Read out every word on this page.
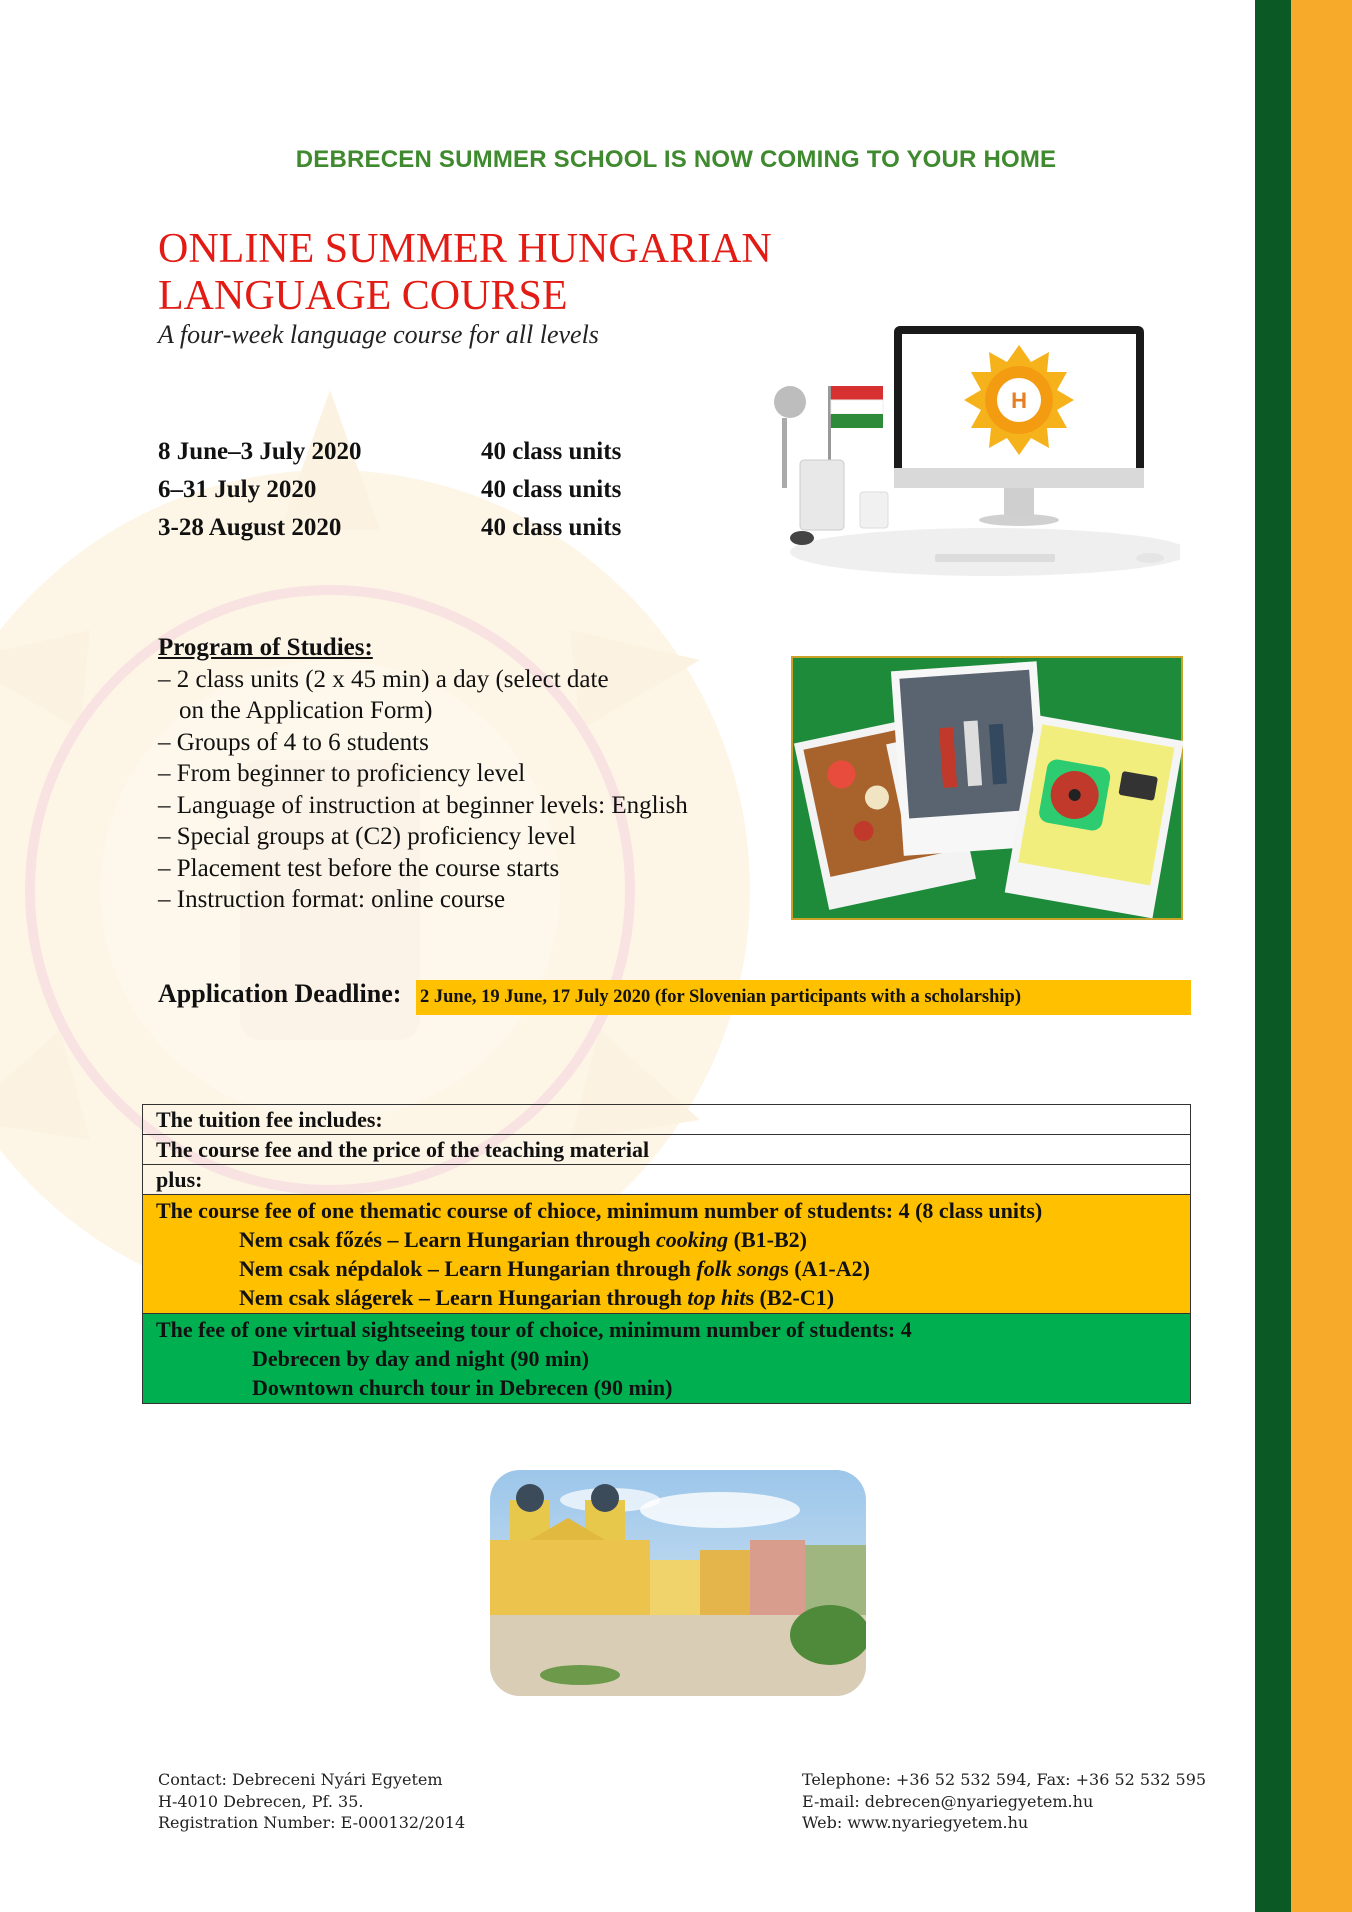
DEBRECEN SUMMER SCHOOL IS NOW COMING TO YOUR HOME
ONLINE SUMMER HUNGARIAN
LANGUAGE COURSE
A four-week language course for all levels
8 June–3 July 2020	40 class units
6–31 July 2020	40 class units
3-28 August 2020	40 class units
H
Program of Studies:
– 2 class units (2 x 45 min) a day (select date
on the Application Form)
– Groups of 4 to 6 students
– From beginner to proficiency level
– Language of instruction at beginner levels: English
– Special groups at (C2) proficiency level
– Placement test before the course starts
– Instruction format: online course
Application Deadline: 2 June, 19 June, 17 July 2020 (for Slovenian participants with a scholarship)
The tuition fee includes:
The course fee and the price of the teaching material
plus:

The course fee of one thematic course of chioce, minimum number of students: 4 (8 class units)
Nem csak főzés – Learn Hungarian through cooking (B1-B2)
Nem csak népdalok – Learn Hungarian through folk songs (A1-A2)
Nem csak slágerek – Learn Hungarian through top hits (B2-C1)

The fee of one virtual sightseeing tour of choice, minimum number of students: 4
Debrecen by day and night (90 min)
Downtown church tour in Debrecen (90 min)
Contact: Debreceni Nyári Egyetem
H-4010 Debrecen, Pf. 35.
Registration Number: E-000132/2014
Telephone: +36 52 532 594, Fax: +36 52 532 595
E-mail: debrecen@nyariegyetem.hu
Web: www.nyariegyetem.hu
